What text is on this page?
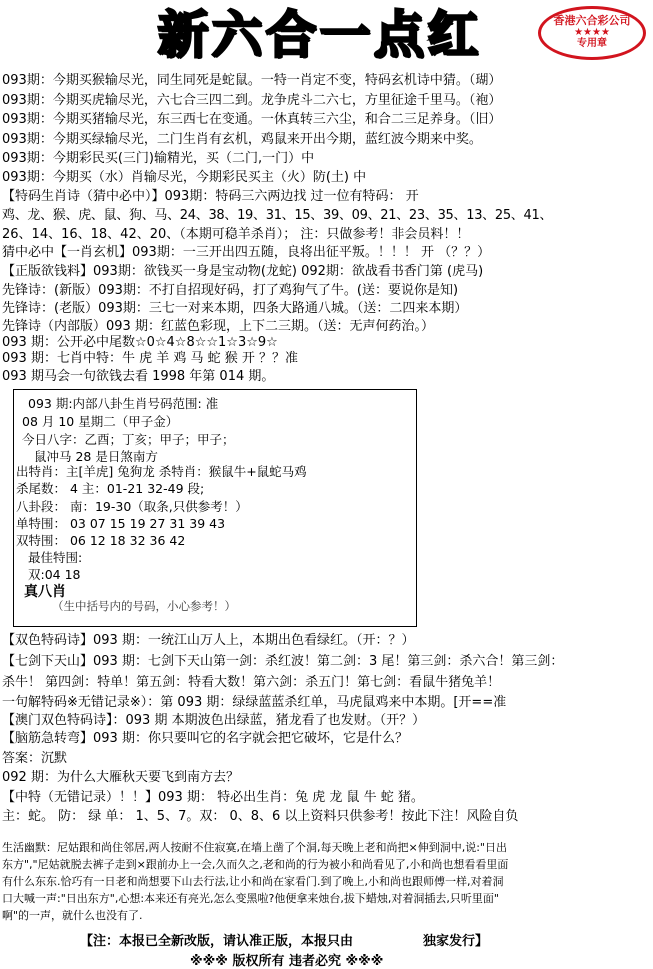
新六合一点红	香港六合彩公司
★★★★
专用章
093期：今期买猴输尽光，同生同死是蛇鼠。一特一肖定不变，特码玄机诗中猜。（瑚）
093期：今期买虎输尽光，六七合三四二到。龙争虎斗二六七，方里征途千里马。（袍）
093期：今期买猪输尽光，东三西七在变通。一休真转三六尘，和合二三足养身。（旧）
093期：今期买绿输尽光，二门生肖有玄机，鸡鼠来开出今期，蓝红波今期来中奖。
093期：今期彩民买(三门)输精光，买（二门,一门）中
093期：今期买（水）肖输尽光，今期彩民买主（火）防(土) 中
【特码生肖诗（猜中必中）】093期：特码三六两边找 过一位有特码： 开
鸡、龙、猴、虎、鼠、狗、马、24、38、19、31、15、39、09、21、23、35、13、25、41、
26、14、16、18、42、20、（本期可稳羊杀肖）； 注：只做参考！非会员料！！
猜中必中【一肖玄机】093期：一三开出四五随，良将出征平叛。！！！ 开 （？？）
【正版欲钱料】093期：欲钱买一身是宝动物(龙蛇) 092期：欲战看书香门第 (虎马)
先锋诗：(新版）093期：不打自招现好码，打了鸡狗气了牛。(送：要说你是知)
先锋诗：(老版）093期：三七一对来本期，四条大路通八城。（送：二四来本期）
先锋诗（内部版）093 期：红蓝色彩现，上下二三期。（送：无声何药治。）
093 期：公开必中尾数☆0☆4☆8☆☆1☆3☆9☆
093 期：七肖中特：牛 虎 羊 鸡 马 蛇 猴 开 ？？准
093 期马会一句欲钱去看 1998 年第 014 期。
093 期:内部八卦生肖号码范围: 准
08 月 10 星期二（甲子金）
今日八字：乙酉；丁亥；甲子；甲子；
鼠冲马 28 是日煞南方
出特肖：主[羊虎] 兔狗龙 杀特肖：猴鼠牛+鼠蛇马鸡
杀尾数： 4 主：01-21 32-49 段;
八卦段： 南：19-30（取条,只供参考！）
单特围： 03 07 15 19 27 31 39 43
双特围： 06 12 18 32 36 42
最佳特围:
双:04 18
真八肖
（生中括号内的号码，小心参考！）
【双色特码诗】093 期：一统江山万人上，本期出色看绿红。（开：？）
【七剑下天山】093 期：七剑下天山第一剑：杀红波！第二剑：3 尾！第三剑：杀六合！第三剑：
杀牛！ 第四剑：特单！第五剑：特看大数！第六剑：杀五门！第七剑：看鼠牛猪兔羊！
一句解特码※无错记录※）：第 093 期：绿绿蓝蓝杀红单，马虎鼠鸡来中本期。[开==准
【澳门双色特码诗】：093 期 本期波色出绿蓝，猪龙看了也发财。（开？）
【脑筋急转弯】093 期：你只要叫它的名字就会把它破坏，它是什么？
答案：沉默
092 期：为什么大雁秋天要飞到南方去？
【中特（无错记录）！！】093 期： 特必出生肖：兔 虎 龙 鼠 牛 蛇 猪。
主：蛇。 防： 绿 单： 1、5、7。双： 0、8、6 以上资料只供参考！按此下注！风险自负
生活幽默：尼姑跟和尚住邻居,两人按耐不住寂寞,在墙上凿了个洞,每天晚上老和尚把×伸到洞中,说:"日出
东方","尼姑就脱去裤子走到×跟前办上一会,久而久之,老和尚的行为被小和尚看见了,小和尚也想看看里面
有什么东东.恰巧有一日老和尚想要下山去行法,让小和尚在家看门.到了晚上,小和尚也跟师傅一样,对着洞
口大喊一声:"日出东方",心想:本来还有亮光,怎么变黑啦?他便拿来烛台,拔下蜡烛,对着洞插去,只听里面"
啊"的一声，就什么也没有了.
【注：本报已全新改版，请认准正版，本报只由	独家发行】
※※※ 版权所有 违者必究 ※※※
